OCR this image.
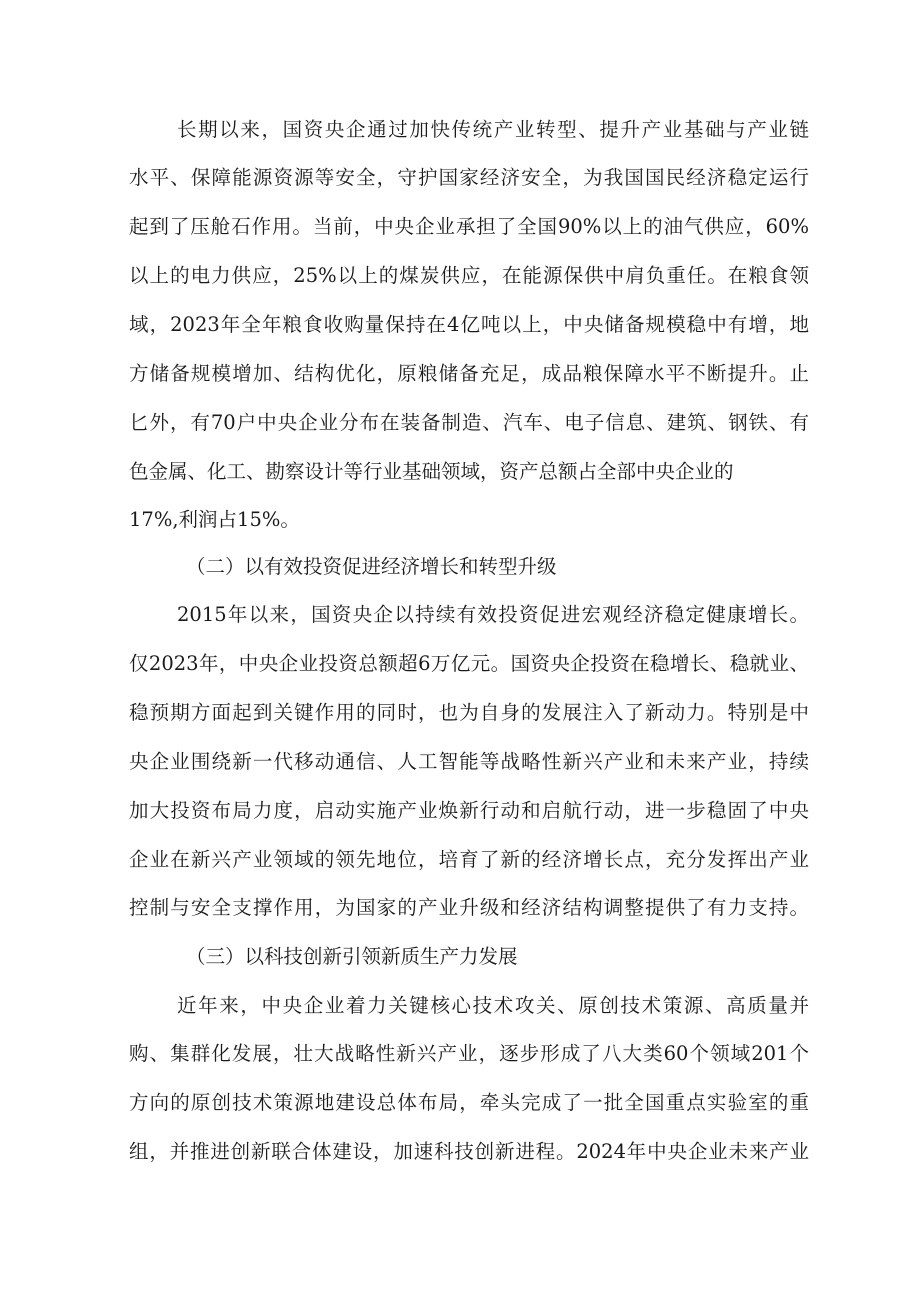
长期以来，国资央企通过加快传统产业转型、提升产业基础与产业链
水平、保障能源资源等安全，守护国家经济安全，为我国国民经济稳定运行
起到了压舱石作用。当前，中央企业承担了全国90%以上的油气供应，60%
以上的电力供应，25%以上的煤炭供应，在能源保供中肩负重任。在粮食领
域，2023年全年粮食收购量保持在4亿吨以上，中央储备规模稳中有增，地
方储备规模增加、结构优化，原粮储备充足，成品粮保障水平不断提升。止
匕外，有70户中央企业分布在装备制造、汽车、电子信息、建筑、钢铁、有
色金属、化工、勘察设计等行业基础领域，资产总额占全部中央企业的
17%,利润占15%。
（二）以有效投资促进经济增长和转型升级
2015年以来，国资央企以持续有效投资促进宏观经济稳定健康增长。
仅2023年，中央企业投资总额超6万亿元。国资央企投资在稳增长、稳就业、
稳预期方面起到关键作用的同时，也为自身的发展注入了新动力。特别是中
央企业围绕新一代移动通信、人工智能等战略性新兴产业和未来产业，持续
加大投资布局力度，启动实施产业焕新行动和启航行动，进一步稳固了中央
企业在新兴产业领域的领先地位，培育了新的经济增长点，充分发挥出产业
控制与安全支撑作用，为国家的产业升级和经济结构调整提供了有力支持。
（三）以科技创新引领新质生产力发展
近年来，中央企业着力关键核心技术攻关、原创技术策源、高质量并
购、集群化发展，壮大战略性新兴产业，逐步形成了八大类60个领域201个
方向的原创技术策源地建设总体布局，牵头完成了一批全国重点实验室的重
组，并推进创新联合体建设，加速科技创新进程。2024年中央企业未来产业
